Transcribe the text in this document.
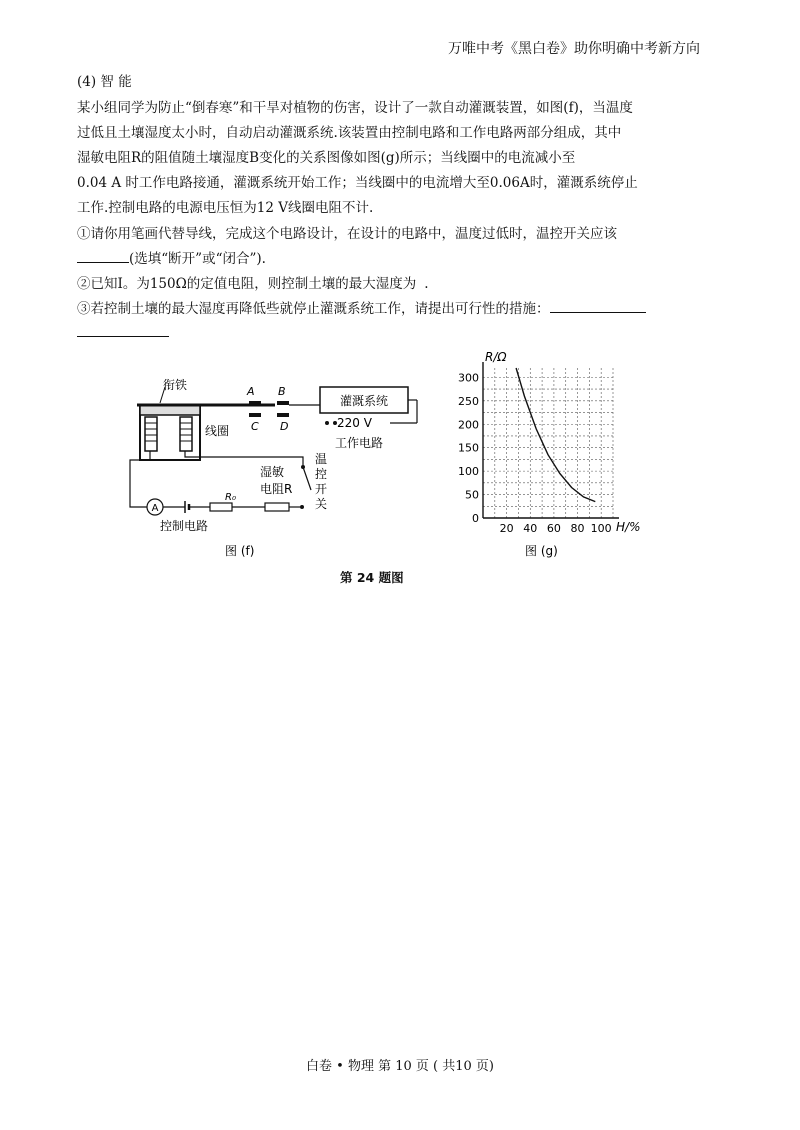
万唯中考《黑白卷》助你明确中考新方向
(4) 智 能
某小组同学为防止“倒春寒”和干旱对植物的伤害，设计了一款自动灌溉装置，如图(f)，当温度
过低且土壤湿度太小时，自动启动灌溉系统.该装置由控制电路和工作电路两部分组成，其中
湿敏电阻R的阻值随土壤湿度B变化的关系图像如图(g)所示；当线圈中的电流减小至
0.04 A 时工作电路接通，灌溉系统开始工作；当线圈中的电流增大至0.06A时，灌溉系统停止
工作.控制电路的电源电压恒为12 V线圈电阻不计.
①请你用笔画代替导线，完成这个电路设计，在设计的电路中，温度过低时，温控开关应该
(选填“断开”或“闭合”).
②已知I。为150Ω的定值电阻，则控制土壤的最大湿度为 .
③若控制土壤的最大湿度再降低些就停止灌溉系统工作，请提出可行性的措施：
衔铁	A B
C D
灌溉系统
220 V
工作电路
线圈
A
R₀
湿敏
电阻R
温
控
开
关
控制电路
图 (f)
20 40 60 80 100
0
50
100
150
200
250
300
R/Ω
H/%
图 (g)
第 24 题图
白卷 • 物理 第 10 页 ( 共10 页)
